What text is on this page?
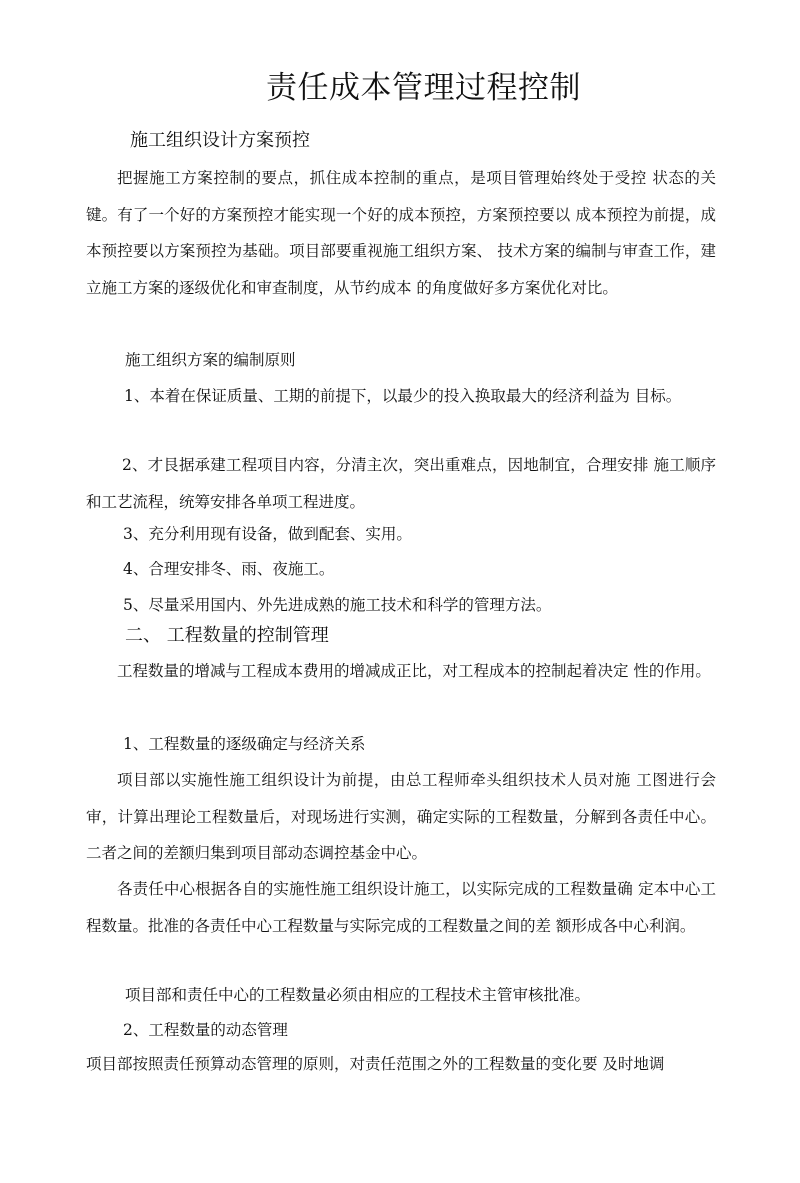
责任成本管理过程控制
施工组织设计方案预控

把握施工方案控制的要点，抓住成本控制的重点，是项目管理始终处于受控 状态的关键。有了一个好的方案预控才能实现一个好的成本预控，方案预控要以 成本预控为前提，成本预控要以方案预控为基础。项目部要重视施工组织方案、 技术方案的编制与审查工作，建立施工方案的逐级优化和审查制度，从节约成本 的角度做好多方案优化对比。

施工组织方案的编制原则

1、本着在保证质量、工期的前提下，以最少的投入换取最大的经济利益为 目标。

2、才艮据承建工程项目内容，分清主次，突出重难点，因地制宜，合理安排 施工顺序和工艺流程，统筹安排各单项工程进度。

3、充分利用现有设备，做到配套、实用。

4、合理安排冬、雨、夜施工。

5、尽量采用国内、外先进成熟的施工技术和科学的管理方法。

二、 工程数量的控制管理

工程数量的增减与工程成本费用的增减成正比，对工程成本的控制起着决定 性的作用。

1、工程数量的逐级确定与经济关系

项目部以实施性施工组织设计为前提，由总工程师牵头组织技术人员对施 工图进行会审，计算出理论工程数量后，对现场进行实测，确定实际的工程数量，分解到各责任中心。二者之间的差额归集到项目部动态调控基金中心。

各责任中心根据各自的实施性施工组织设计施工，以实际完成的工程数量确 定本中心工程数量。批准的各责任中心工程数量与实际完成的工程数量之间的差 额形成各中心利润。

项目部和责任中心的工程数量必须由相应的工程技术主管审核批准。

2、工程数量的动态管理

项目部按照责任预算动态管理的原则，对责任范围之外的工程数量的变化要 及时地调
